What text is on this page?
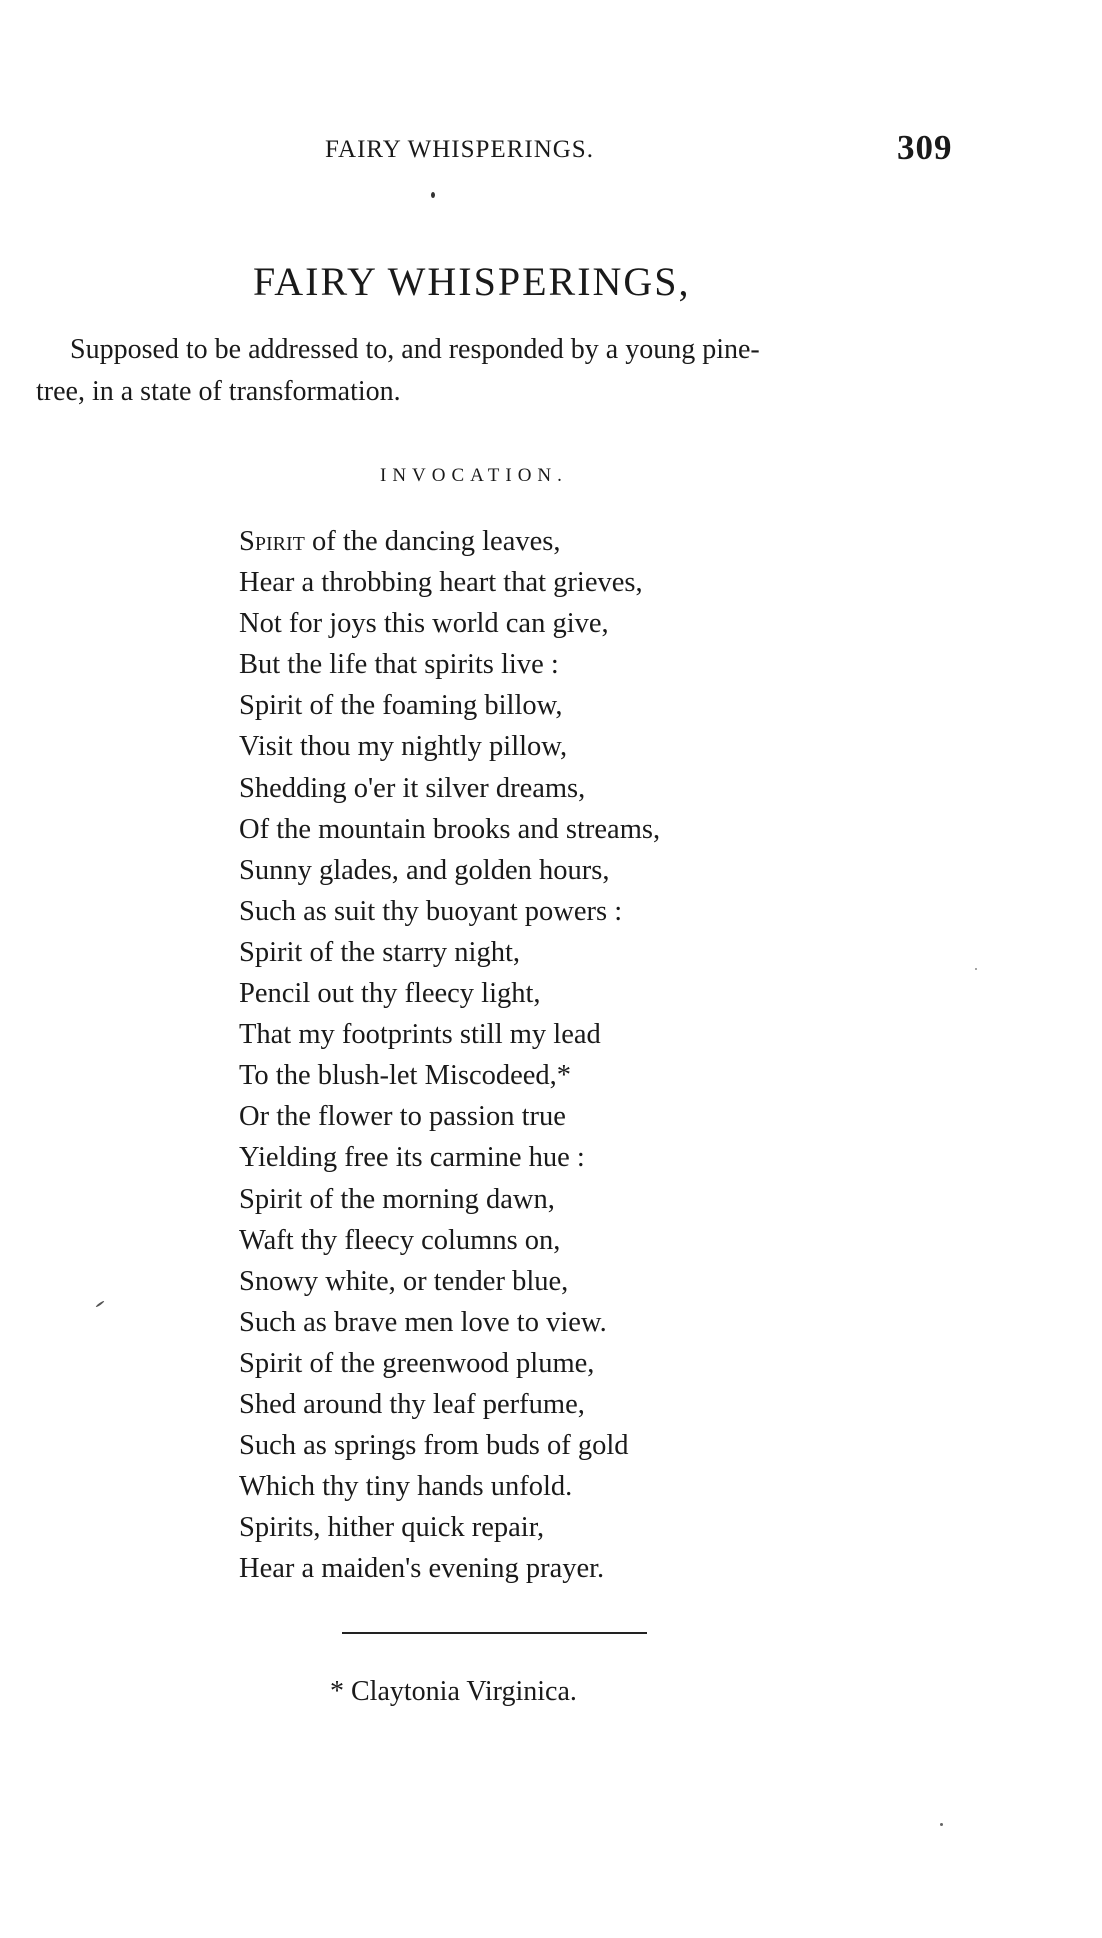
FAIRY WHISPERINGS.	309
FAIRY WHISPERINGS,
Supposed to be addressed to, and responded by a young pine-
tree, in a state of transformation.
INVOCATION.
Spirit of the dancing leaves,
Hear a throbbing heart that grieves,
Not for joys this world can give,
But the life that spirits live :
Spirit of the foaming billow,
Visit thou my nightly pillow,
Shedding o'er it silver dreams,
Of the mountain brooks and streams,
Sunny glades, and golden hours,
Such as suit thy buoyant powers :
Spirit of the starry night,
Pencil out thy fleecy light,
That my footprints still my lead
To the blush-let Miscodeed,*
Or the flower to passion true
Yielding free its carmine hue :
Spirit of the morning dawn,
Waft thy fleecy columns on,
Snowy white, or tender blue,
Such as brave men love to view.
Spirit of the greenwood plume,
Shed around thy leaf perfume,
Such as springs from buds of gold
Which thy tiny hands unfold.
Spirits, hither quick repair,
Hear a maiden's evening prayer.
* Claytonia Virginica.
